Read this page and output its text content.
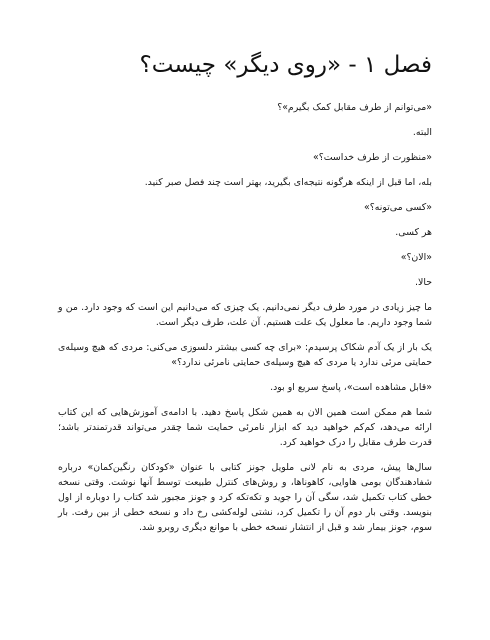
فصل ۱ - «روی دیگر» چیست؟

«می‌توانم از طرف مقابل کمک بگیرم»؟

البته.

«منظورت از طرف خداست؟»

بله، اما قبل از اینکه هرگونه نتیجه‌ای بگیرید، بهتر است چند فصل صبر کنید.

«کسی می‌تونه؟»

هر کسی.

«الان؟»

حالا.

ما چیز زیادی در مورد طرف دیگر نمی‌دانیم. یک چیزی که می‌دانیم این است که وجود دارد. من و شما وجود داریم. ما معلول یک علت هستیم. آن علت، طرف دیگر است.

یک بار از یک آدم شکاک پرسیدم: «برای چه کسی بیشتر دلسوزی می‌کنی: مردی که هیچ وسیله‌ی حمایتی مرئی ندارد یا مردی که هیچ وسیله‌ی حمایتی نامرئی ندارد؟»

«قابل مشاهده است»، پاسخ سریع او بود.

شما هم ممکن است همین الان به همین شکل پاسخ دهید. با ادامه‌ی آموزش‌هایی که این کتاب ارائه می‌دهد، کم‌کم خواهید دید که ابزار نامرئی حمایت شما چقدر می‌تواند قدرتمندتر باشد؛ قدرت طرف مقابل را درک خواهید کرد.

سال‌ها پیش، مردی به نام لانی ملویل جونز کتابی با عنوان «کودکان رنگین‌کمان» درباره شفادهندگان بومی هاوایی، کاهوناها، و روش‌های کنترل طبیعت توسط آنها نوشت. وقتی نسخه خطی کتاب تکمیل شد، سگی آن را جوید و تکه‌تکه کرد و جونز مجبور شد کتاب را دوباره از اول بنویسد. وقتی بار دوم آن را تکمیل کرد، نشتی لوله‌کشی رخ داد و نسخه خطی از بین رفت. بار سوم، جونز بیمار شد و قبل از انتشار نسخه خطی با موانع دیگری روبرو شد.
